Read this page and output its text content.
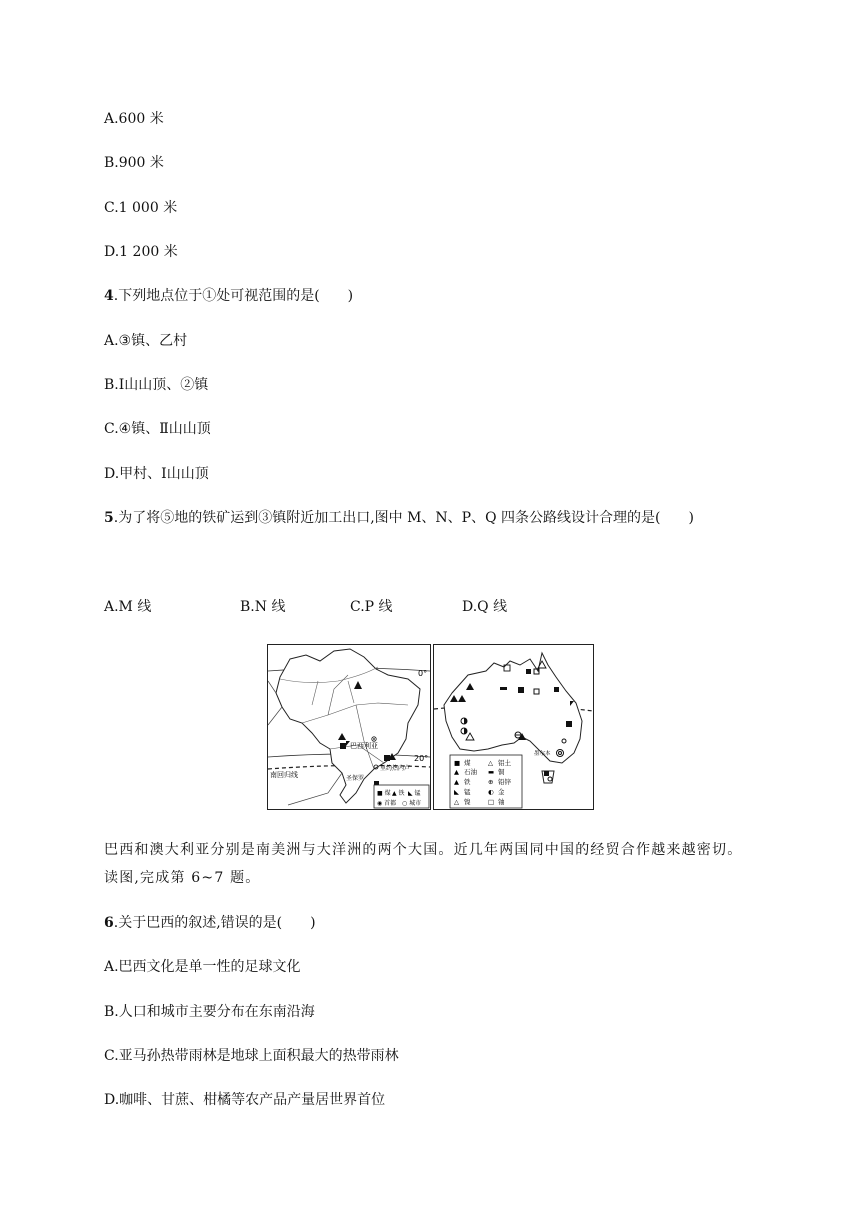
A.600 米
B.900 米
C.1 000 米
D.1 200 米
4.下列地点位于①处可视范围的是(　　)
A.③镇、乙村
B.Ⅰ山山顶、②镇
C.④镇、Ⅱ山山顶
D.甲村、Ⅰ山山顶
5.为了将⑤地的铁矿运到③镇附近加工出口,图中 M、N、P、Q 四条公路线设计合理的是(　　)
A.M 线	B.N 线	C.P 线	D.Q 线
0°
20°
南回归线
巴西利亚
里约热内卢
圣保罗
■ 煤 ▲ 铁 ◣ 锰
◉ 首都 ○ 城市
墨尔本
■ 煤	△ 铝土
▲ 石油 ▬ 铜
▲ 铁	⊕ 铅锌
◣ 锰	◐ 金
△ 镍	□ 铀
巴西和澳大利亚分别是南美洲与大洋洲的两个大国。近几年两国同中国的经贸合作越来越密切。
读图,完成第 6~7 题。
6.关于巴西的叙述,错误的是(　　)
A.巴西文化是单一性的足球文化
B.人口和城市主要分布在东南沿海
C.亚马孙热带雨林是地球上面积最大的热带雨林
D.咖啡、甘蔗、柑橘等农产品产量居世界首位
